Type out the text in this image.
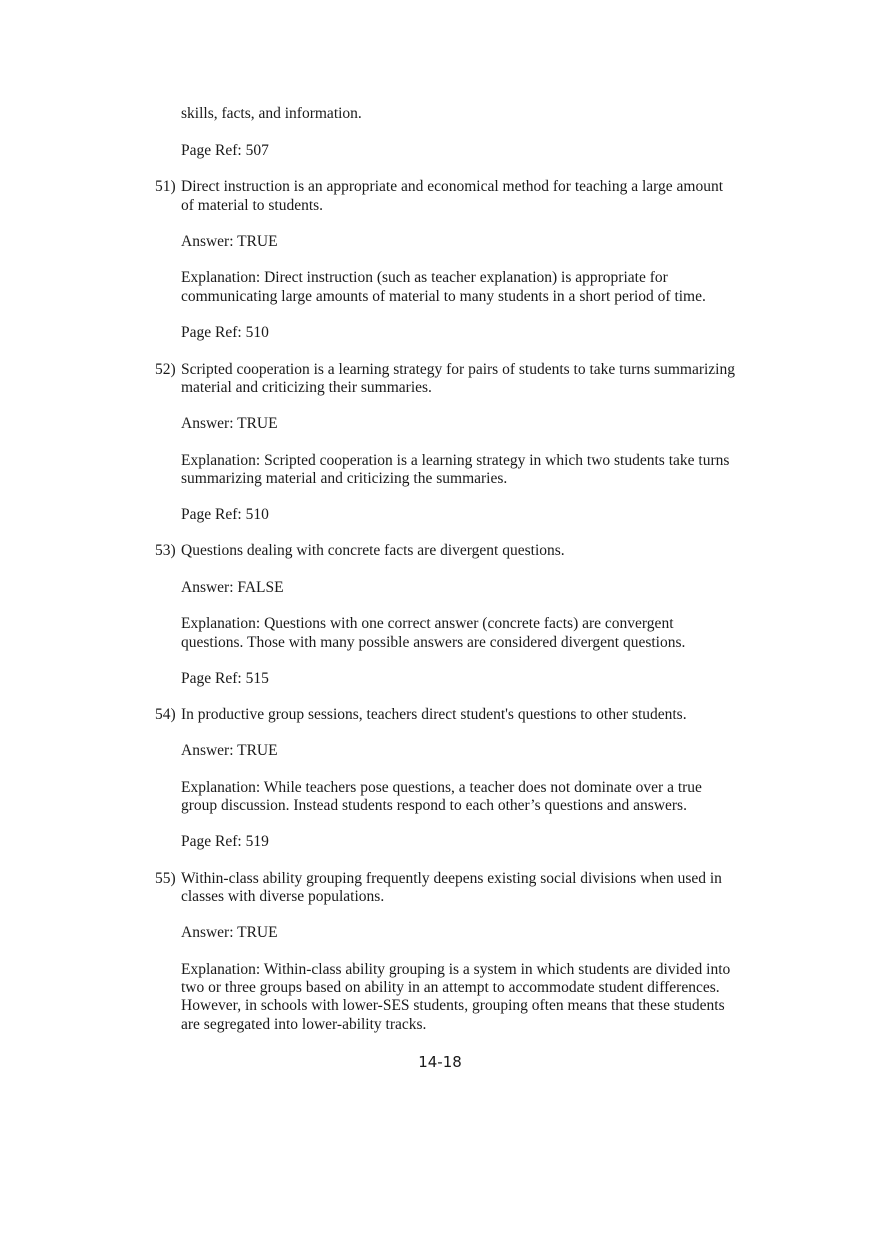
skills, facts, and information.
Page Ref: 507
51) Direct instruction is an appropriate and economical method for teaching a large amount
of material to students.
Answer: TRUE
Explanation: Direct instruction (such as teacher explanation) is appropriate for
communicating large amounts of material to many students in a short period of time.
Page Ref: 510
52) Scripted cooperation is a learning strategy for pairs of students to take turns summarizing
material and criticizing their summaries.
Answer: TRUE
Explanation: Scripted cooperation is a learning strategy in which two students take turns
summarizing material and criticizing the summaries.
Page Ref: 510
53) Questions dealing with concrete facts are divergent questions.
Answer: FALSE
Explanation: Questions with one correct answer (concrete facts) are convergent
questions. Those with many possible answers are considered divergent questions.
Page Ref: 515
54) In productive group sessions, teachers direct student's questions to other students.
Answer: TRUE
Explanation: While teachers pose questions, a teacher does not dominate over a true
group discussion. Instead students respond to each other’s questions and answers.
Page Ref: 519
55) Within-class ability grouping frequently deepens existing social divisions when used in
classes with diverse populations.
Answer: TRUE
Explanation: Within-class ability grouping is a system in which students are divided into
two or three groups based on ability in an attempt to accommodate student differences.
However, in schools with lower-SES students, grouping often means that these students
are segregated into lower-ability tracks.
14-18
